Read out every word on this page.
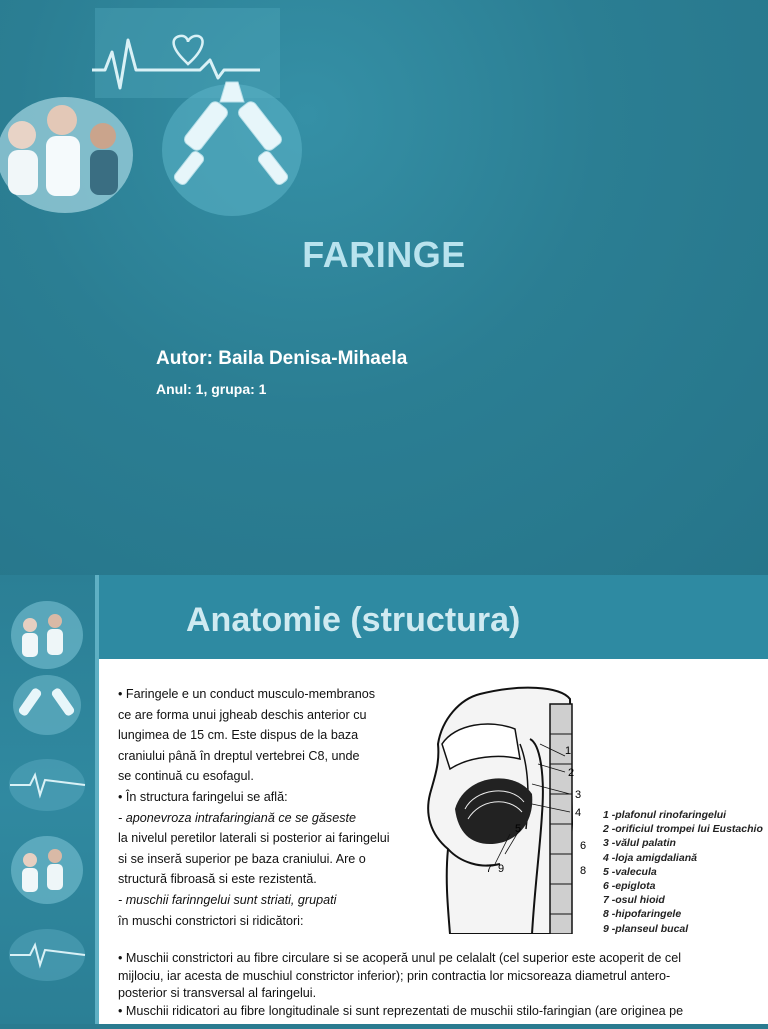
FARINGE
Autor: Baila Denisa-Mihaela
Anul: 1, grupa: 1
Anatomie (structura)
• Faringele e un conduct musculo-membranos
ce are forma unui jgheab deschis anterior cu
lungimea de 15 cm. Este dispus de la baza
craniului până în dreptul vertebrei C8, unde
se continuă cu esofagul.
• În structura faringelui se află:
- aponevroza intrafaringiană ce se găseste
la nivelul peretilor laterali si posterior ai faringelui
si se inseră superior pe baza craniului. Are o
structură fibroasă si este rezistentă.
- muschii farinngelui sunt striati, grupati
în muschi constrictori si ridicători:
1
2
3
4
5
6
9
7	8
1 -plafonul rinofaringelui
2 -orificiul trompei lui Eustachio
3 -vălul palatin
4 -loja amigdaliană
5 -valecula
6 -epiglota
7 -osul hioid
8 -hipofaringele
9 -planseul bucal
• Muschii constrictori au fibre circulare si se acoperă unul pe celalalt (cel superior este acoperit de cel
mijlociu, iar acesta de muschiul constrictor inferior); prin contractia lor micsoreaza diametrul antero-
posterior si transversal al faringelui.
• Muschii ridicatori au fibre longitudinale si sunt reprezentati de muschii stilo-faringian (are originea pe
